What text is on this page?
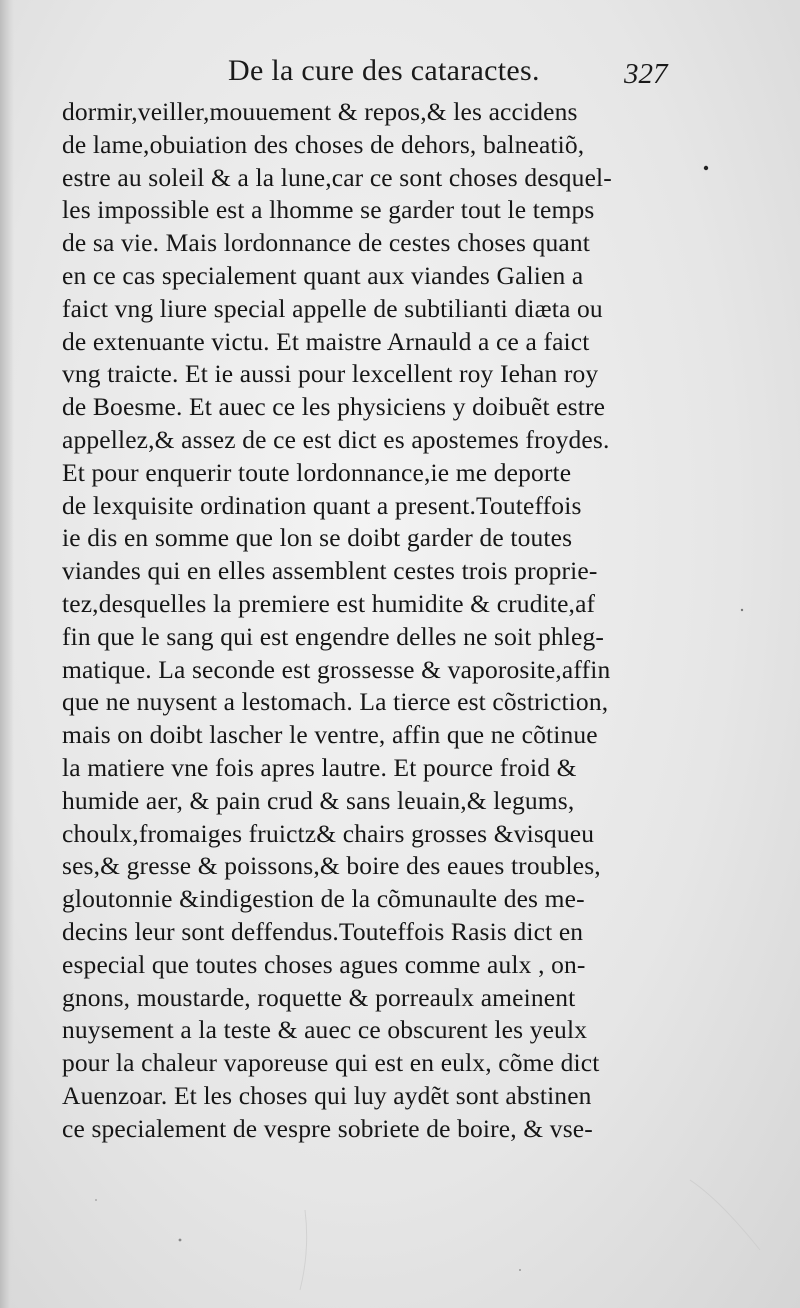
De la cure des cataractes.	327
dormir,veiller,mouuement & repos,& les accidens
de lame,obuiation des choses de dehors, balneatiõ,
estre au soleil & a la lune,car ce sont choses desquel-
les impossible est a lhomme se garder tout le temps
de sa vie. Mais lordonnance de cestes choses quant
en ce cas specialement quant aux viandes Galien a
faict vng liure special appelle de subtilianti diæta ou
de extenuante victu. Et maistre Arnauld a ce a faict
vng traicte. Et ie aussi pour lexcellent roy Iehan roy
de Boesme. Et auec ce les physiciens y doibuẽt estre
appellez,& assez de ce est dict es apostemes froydes.
Et pour enquerir toute lordonnance,ie me deporte
de lexquisite ordination quant a present.Touteffois
ie dis en somme que lon se doibt garder de toutes
viandes qui en elles assemblent cestes trois proprie-
tez,desquelles la premiere est humidite & crudite,af
fin que le sang qui est engendre delles ne soit phleg-
matique. La seconde est grossesse & vaporosite,affin
que ne nuysent a lestomach. La tierce est cõstriction,
mais on doibt lascher le ventre, affin que ne cõtinue
la matiere vne fois apres lautre. Et pource froid &
humide aer, & pain crud & sans leuain,& legums,
choulx,fromaiges fruictz& chairs grosses &visqueu
ses,& gresse & poissons,& boire des eaues troubles,
gloutonnie &indigestion de la cõmunaulte des me-
decins leur sont deffendus.Touteffois Rasis dict en
especial que toutes choses agues comme aulx , on-
gnons, moustarde, roquette & porreaulx ameinent
nuysement a la teste & auec ce obscurent les yeulx
pour la chaleur vaporeuse qui est en eulx, cõme dict
Auenzoar. Et les choses qui luy aydẽt sont abstinen
ce specialement de vespre sobriete de boire, & vse-
